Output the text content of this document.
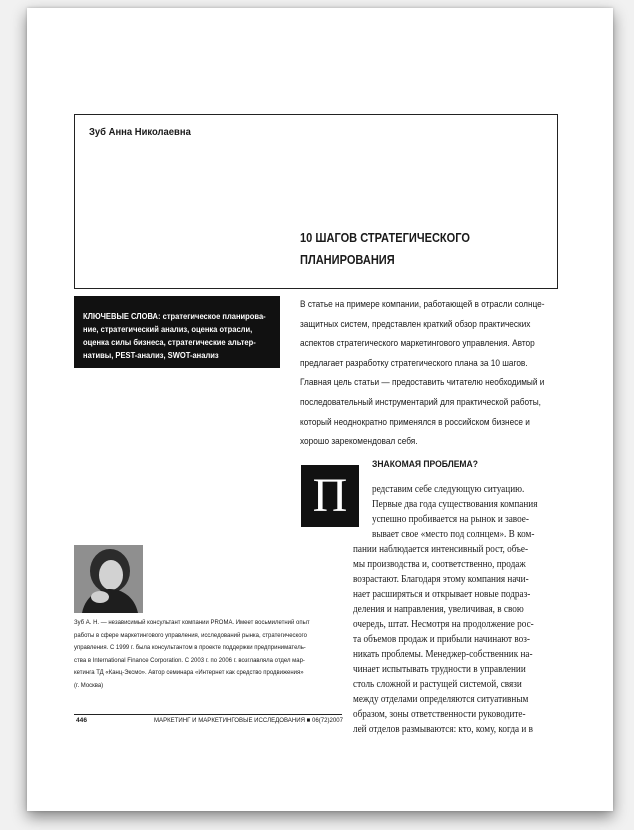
Зуб Анна Николаевна
10 ШАГОВ СТРАТЕГИЧЕСКОГО
ПЛАНИРОВАНИЯ
КЛЮЧЕВЫЕ СЛОВА: стратегическое планирова-
ние, стратегический анализ, оценка отрасли,
оценка силы бизнеса, стратегические альтер-
нативы, PEST-анализ, SWOT-анализ
В статье на примере компании, работающей в отрасли солнце-
защитных систем, представлен краткий обзор практических
аспектов стратегического маркетингового управления. Автор
предлагает разработку стратегического плана за 10 шагов.
Главная цель статьи — предоставить читателю необходимый и
последовательный инструментарий для практической работы,
который неоднократно применялся в российском бизнесе и
хорошо зарекомендовал себя.
П
ЗНАКОМАЯ ПРОБЛЕМА?
редставим себе следующую ситуацию.
Первые два года существования компания
успешно пробивается на рынок и завое-
вывает свое «место под солнцем». В ком-
пании наблюдается интенсивный рост, объе-
мы производства и, соответственно, продаж
возрастают. Благодаря этому компания начи-
нает расширяться и открывает новые подраз-
деления и направления, увеличивая, в свою
очередь, штат. Несмотря на продолжение рос-
та объемов продаж и прибыли начинают воз-
никать проблемы. Менеджер-собственник на-
чинает испытывать трудности в управлении
столь сложной и растущей системой, связи
между отделами определяются ситуативным
образом, зоны ответственности руководите-
лей отделов размываются: кто, кому, когда и в
Зуб А. Н. — независимый консультант компании PROMA. Имеет восьмилетний опыт
работы в сфере маркетингового управления, исследований рынка, стратегического
управления. С 1999 г. была консультантом в проекте поддержки предприниматель-
ства в International Finance Corporation. С 2003 г. по 2006 г. возглавляла отдел мар-
кетинга ТД «Канц-Эксмо». Автор семинара «Интернет как средство продвижения»
(г. Москва)
446	МАРКЕТИНГ И МАРКЕТИНГОВЫЕ ИССЛЕДОВАНИЯ ■ 06(72)2007
